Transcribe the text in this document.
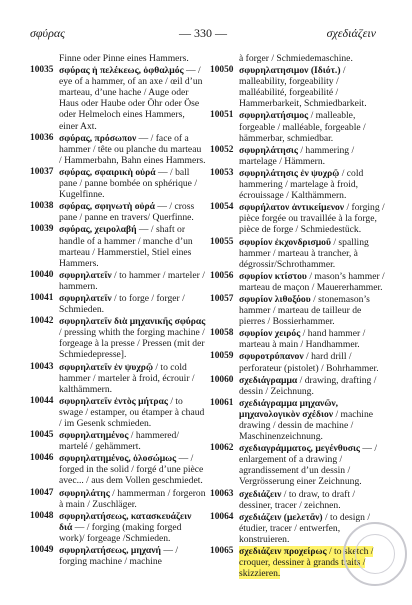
σφύρας	— 330 —	σχεδιάζειν
Finne oder Pinne eines Hammers.
10035 σφύρας ἡ πελέκεως, ὀφθαλμός — / eye of a hammer, of an axe / œil d’un marteau, d’une hache / Auge oder Haus oder Haube oder Öhr oder Öse oder Helmeloch eines Hammers, einer Axt.
10036 σφύρας, πρόσωπον — / face of a hammer / tête ou planche du marteau / Hammerbahn, Bahn eines Hammers.
10037 σφύρας, σφαιρικὴ οὐρά — / ball pane / panne bombée on sphérique / Kugelfinne.
10038 σφύρας, σφηνωτὴ οὐρά — / cross pane / panne en travers/ Querfinne.
10039 σφύρας, χειρολαβή — / shaft or handle of a hammer / manche d’un marteau / Hammerstiel, Stiel eines Hammers.
10040 σφυρηλατεῖν / to hammer / marteler / hammern.
10041 σφυρηλατεῖν / to forge / forger / Schmieden.
10042 σφυρηλατεῖν διὰ μηχανικῆς σφύρας / pressing whith the forging machine / forgeage à la presse / Pressen (mit der Schmiedepresse].
10043 σφυρηλατεῖν ἐν ψυχρῷ / to cold hammer / marteler à froid, écrouir / kalthämmern.
10044 σφυρηλατεῖν ἐντὸς μήτρας / to swage / estamper, ou étamper à chaud / im Gesenk schmieden.
10045 σφυρηλατημένος / hammered/ martelé / gehämmert.
10046 σφυρηλατημένος, ὁλοσώμως — / forged in the solid / forgé d’une pièce avec... / aus dem Vollen geschmiedet.
10047 σφυρηλάτης / hammerman / forgeron à main / Zuschläger.
10048 σφυρηλατήσεως, κατασκευάζειν διά — / forging (making forged work)/ forgeage /Schmieden.
10049 σφυρηλατήσεως, μηχανή — / forging machine / machine
à forger / Schmiedemaschine.
10050 σφυρηλατησιμον (Ιδιότ.) / malleability, forgeability / malléabilité, forgeabilité / Hammerbarkeit, Schmiedbarkeit.
10051 σφυρηλατήσιμος / malleable, forgeable / malléable, forgeable / hämmerbar, schmiedbar.
10052 σφυρηλάτησις / hammering / martelage / Hämmern.
10053 σφυρηλάτησις ἐν ψυχρῷ / cold hammering / martelage à froid, écrouissage / Kalthämmern.
10054 σφυρήλατον ἀντικείμενον / forging / pièce forgée ou travaillée à la forge, pièce de forge / Schmiedestück.
10055 σφυρίον ἐκχονδρισμοῦ / spalling hammer / marteau à trancher, à dégrossir/Schrothammer.
10056 σφυρίον κτίστου / mason’s hammer / marteau de maçon / Mauererhammer.
10057 σφυρίον λιθοξόου / stonemason’s hammer / marteau de tailleur de pierres / Bossierhammer.
10058 σφυρίον χειρός / hand hammer / marteau à main / Handhammer.
10059 σφυροτρύπανον / hard drill / perforateur (pistolet) / Bohrhammer.
10060 σχεδιάγραμμα / drawing, drafting / dessin / Zeichnung.
10061 σχεδιάγραμμα μηχανῶν, μηχανολογικὸν σχέδιον / machine drawing / dessin de machine / Maschinenzeichnung.
10062 σχεδιαγράμματος, μεγένθυσις — / enlargement of a drawing / agrandissement d’un dessin / Vergrösserung einer Zeichnung.
10063 σχεδιάζειν / to draw, to draft / dessiner, tracer / zeichnen.
10064 σχεδιάζειν (μελετᾶν) / to design / étudier, tracer / entwerfen, konstruieren.
10065 σχεδιάζειν προχείρως / to sketch / croquer, dessiner à grands traits / skizzieren.
